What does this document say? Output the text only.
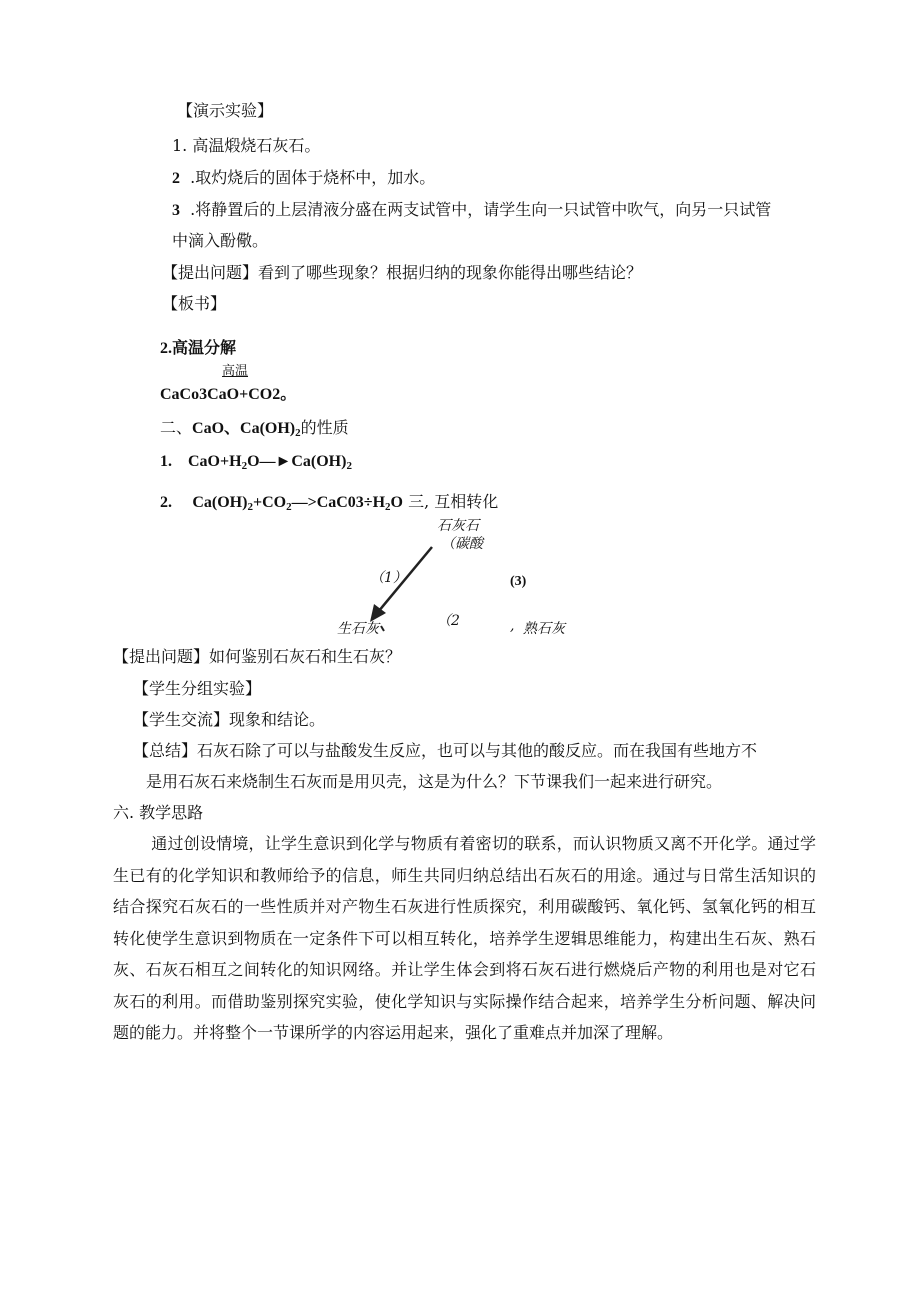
【演示实验】
1. 高温煅烧石灰石。
2 .取灼烧后的固体于烧杯中，加水。
3 .将静置后的上层清液分盛在两支试管中，请学生向一只试管中吹气，向另一只试管
中滴入酚儆。
【提出问题】看到了哪些现象？根据归纳的现象你能得出哪些结论？
【板书】
2.高温分解
高温
CaCo3CaO+CO2。
二、CaO、$Ca(OH)_2$的性质
1. $CaO+H_2O—►Ca(OH)_2$
2. $Ca(OH)_2+CO_2—>CaC03\div H_2O$ 三, 互相转化
石灰石
（碳酸
（1）	(3)
生石灰	（2	, 熟石灰
【提出问题】如何鉴别石灰石和生石灰？
【学生分组实验】
【学生交流】现象和结论。
【总结】石灰石除了可以与盐酸发生反应，也可以与其他的酸反应。而在我国有些地方不
是用石灰石来烧制生石灰而是用贝壳，这是为什么？下节课我们一起来进行研究。
六. 教学思路

通过创设情境，让学生意识到化学与物质有着密切的联系，而认识物质又离不开化学。通过学生已有的化学知识和教师给予的信息，师生共同归纳总结出石灰石的用途。通过与日常生活知识的结合探究石灰石的一些性质并对产物生石灰进行性质探究，利用碳酸钙、氧化钙、氢氧化钙的相互转化使学生意识到物质在一定条件下可以相互转化，培养学生逻辑思维能力，构建出生石灰、熟石灰、石灰石相互之间转化的知识网络。并让学生体会到将石灰石进行燃烧后产物的利用也是对它石灰石的利用。而借助鉴别探究实验，使化学知识与实际操作结合起来，培养学生分析问题、解决问题的能力。并将整个一节课所学的内容运用起来，强化了重难点并加深了理解。
